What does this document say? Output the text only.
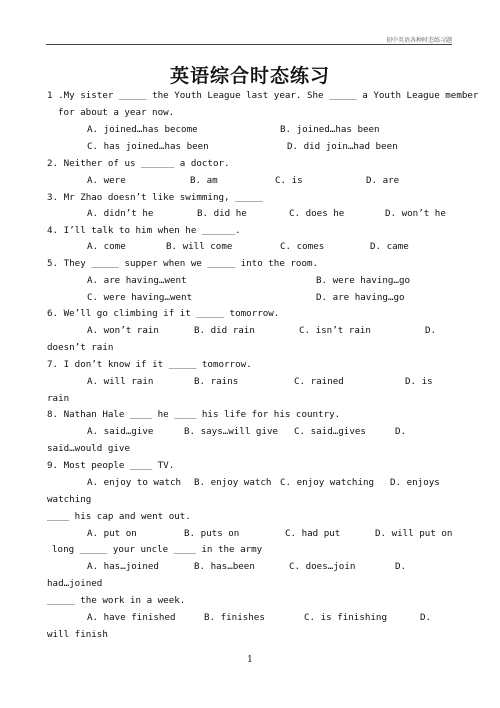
初中英语各种时态练习题
英语综合时态练习
1 .My sister _____ the Youth League last year. She _____ a Youth League member
for about a year now.
A. joined…has become	B. joined…has been
C. has joined…has been	D. did join…had been
2. Neither of us ______ a doctor.
A. were	B. am	C. is	D. are
3. Mr Zhao doesn’t like swimming, _____
A. didn’t he	B. did he	C. does he	D. won’t he
4. I’ll talk to him when he ______.
A. come	B. will come	C. comes	D. came
5. They _____ supper when we _____ into the room.
A. are having…went	B. were having…go
C. were having…went	D. are having…go
6. We’ll go climbing if it _____ tomorrow.
A. won’t rain	B. did rain	C. isn’t rain	D.
doesn’t rain
7. I don’t know if it _____ tomorrow.
A. will rain	B. rains	C. rained	D. is
rain
8. Nathan Hale ____ he ____ his life for his country.
A. said…give	B. says…will give C. said…gives	D.
said…would give
9. Most people ____ TV.
A. enjoy to watch B. enjoy watch C. enjoy watching D. enjoys
watching
____ his cap and went out.
A. put on	B. puts on	C. had put	D. will put on
long _____ your uncle ____ in the army
A. has…joined	B. has…been	C. does…join	D.
had…joined
_____ the work in a week.
A. have finished	B. finishes	C. is finishing	D.
will finish
1
